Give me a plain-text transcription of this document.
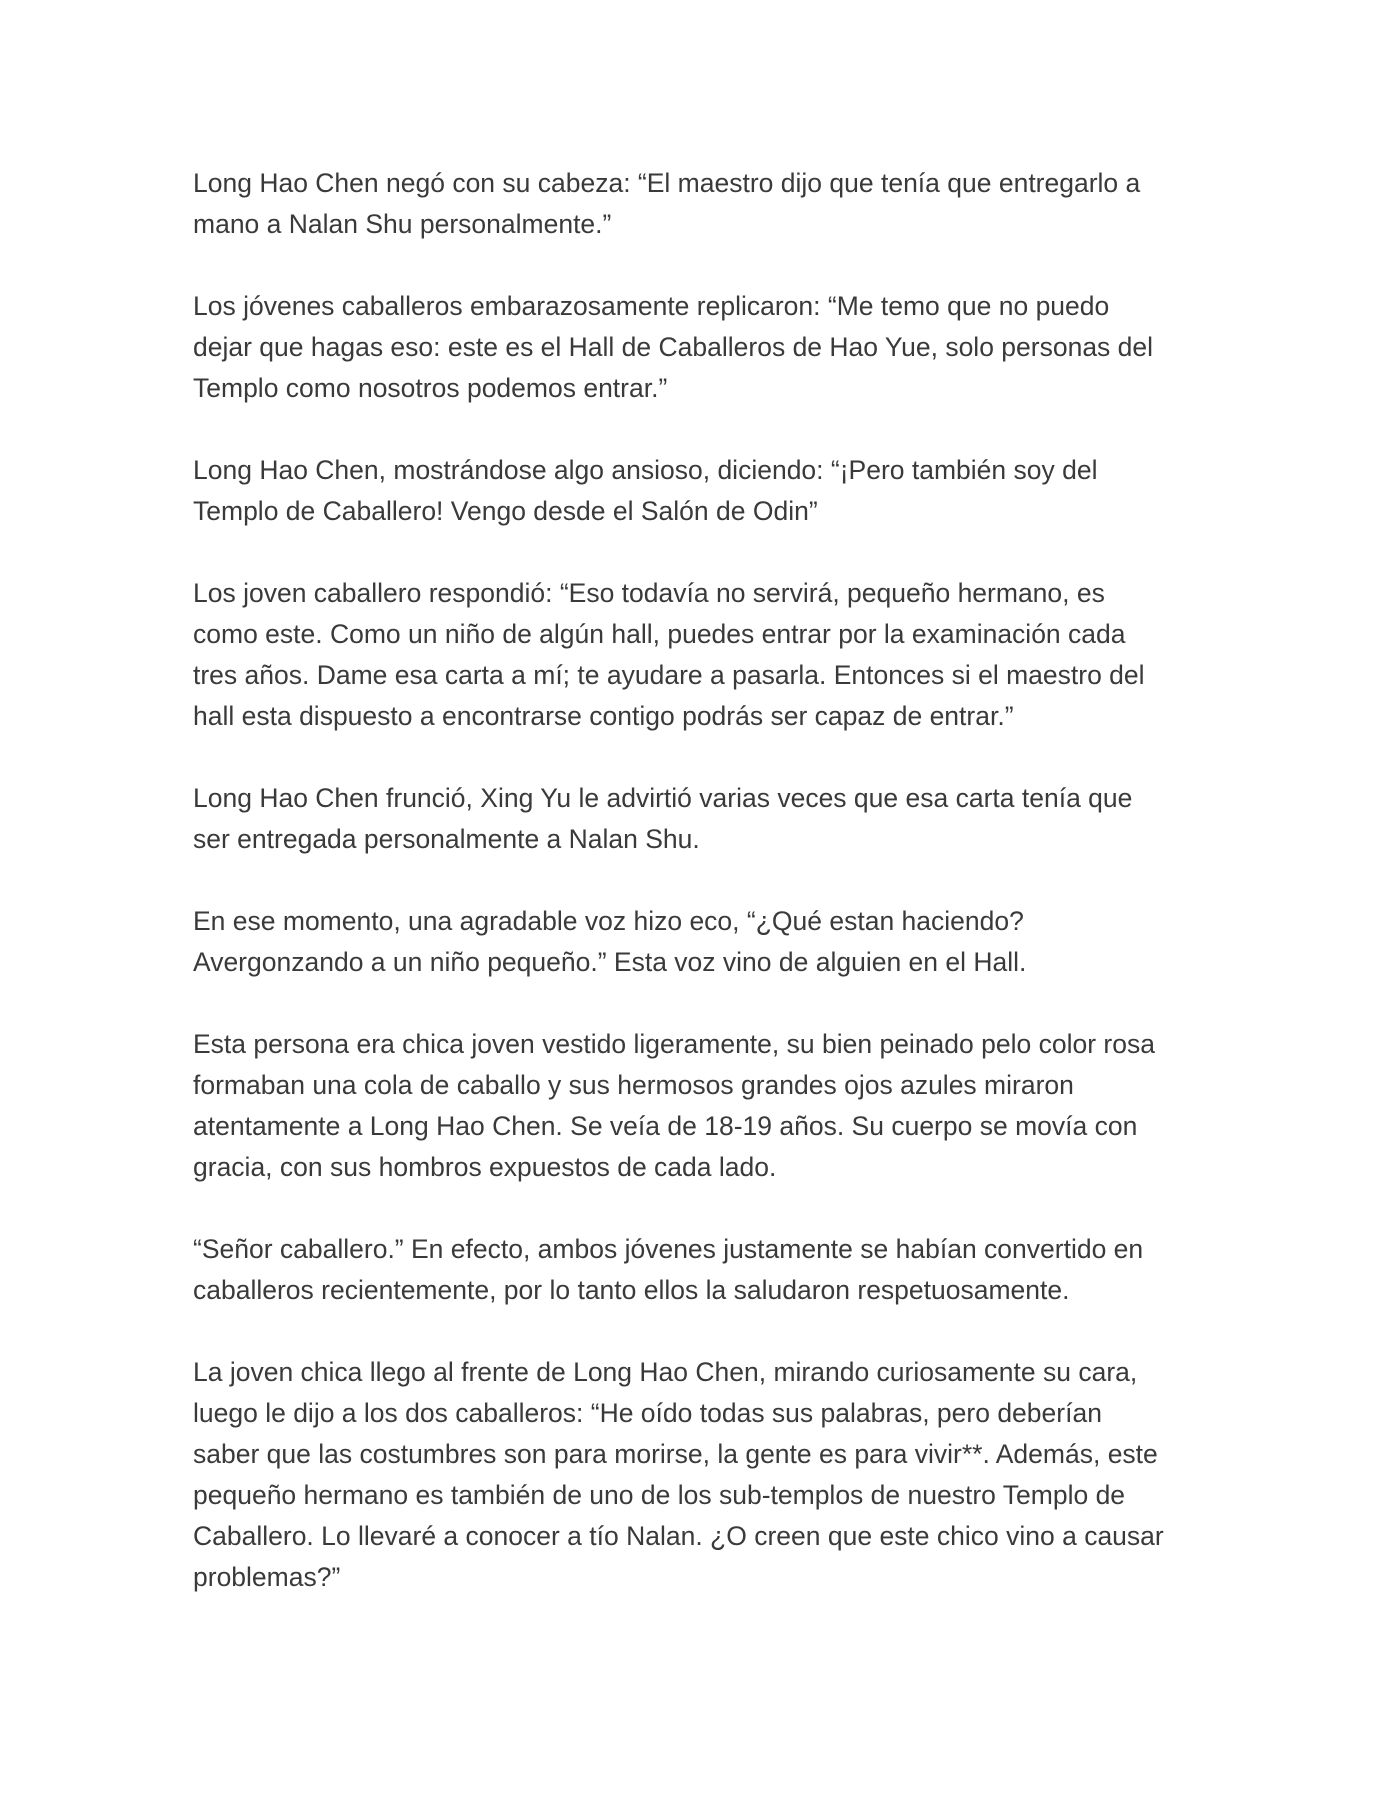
Long Hao Chen negó con su cabeza: “El maestro dijo que tenía que entregarlo a
mano a Nalan Shu personalmente.”

Los jóvenes caballeros embarazosamente replicaron: “Me temo que no puedo
dejar que hagas eso: este es el Hall de Caballeros de Hao Yue, solo personas del
Templo como nosotros podemos entrar.”

Long Hao Chen, mostrándose algo ansioso, diciendo: “¡Pero también soy del
Templo de Caballero! Vengo desde el Salón de Odin”

Los joven caballero respondió: “Eso todavía no servirá, pequeño hermano, es
como este. Como un niño de algún hall, puedes entrar por la examinación cada
tres años. Dame esa carta a mí; te ayudare a pasarla. Entonces si el maestro del
hall esta dispuesto a encontrarse contigo podrás ser capaz de entrar.”

Long Hao Chen frunció, Xing Yu le advirtió varias veces que esa carta tenía que
ser entregada personalmente a Nalan Shu.

En ese momento, una agradable voz hizo eco, “¿Qué estan haciendo?
Avergonzando a un niño pequeño.” Esta voz vino de alguien en el Hall.

Esta persona era chica joven vestido ligeramente, su bien peinado pelo color rosa
formaban una cola de caballo y sus hermosos grandes ojos azules miraron
atentamente a Long Hao Chen. Se veía de 18-19 años. Su cuerpo se movía con
gracia, con sus hombros expuestos de cada lado.

“Señor caballero.” En efecto, ambos jóvenes justamente se habían convertido en
caballeros recientemente, por lo tanto ellos la saludaron respetuosamente.

La joven chica llego al frente de Long Hao Chen, mirando curiosamente su cara,
luego le dijo a los dos caballeros: “He oído todas sus palabras, pero deberían
saber que las costumbres son para morirse, la gente es para vivir**. Además, este
pequeño hermano es también de uno de los sub-templos de nuestro Templo de
Caballero. Lo llevaré a conocer a tío Nalan. ¿O creen que este chico vino a causar
problemas?”
